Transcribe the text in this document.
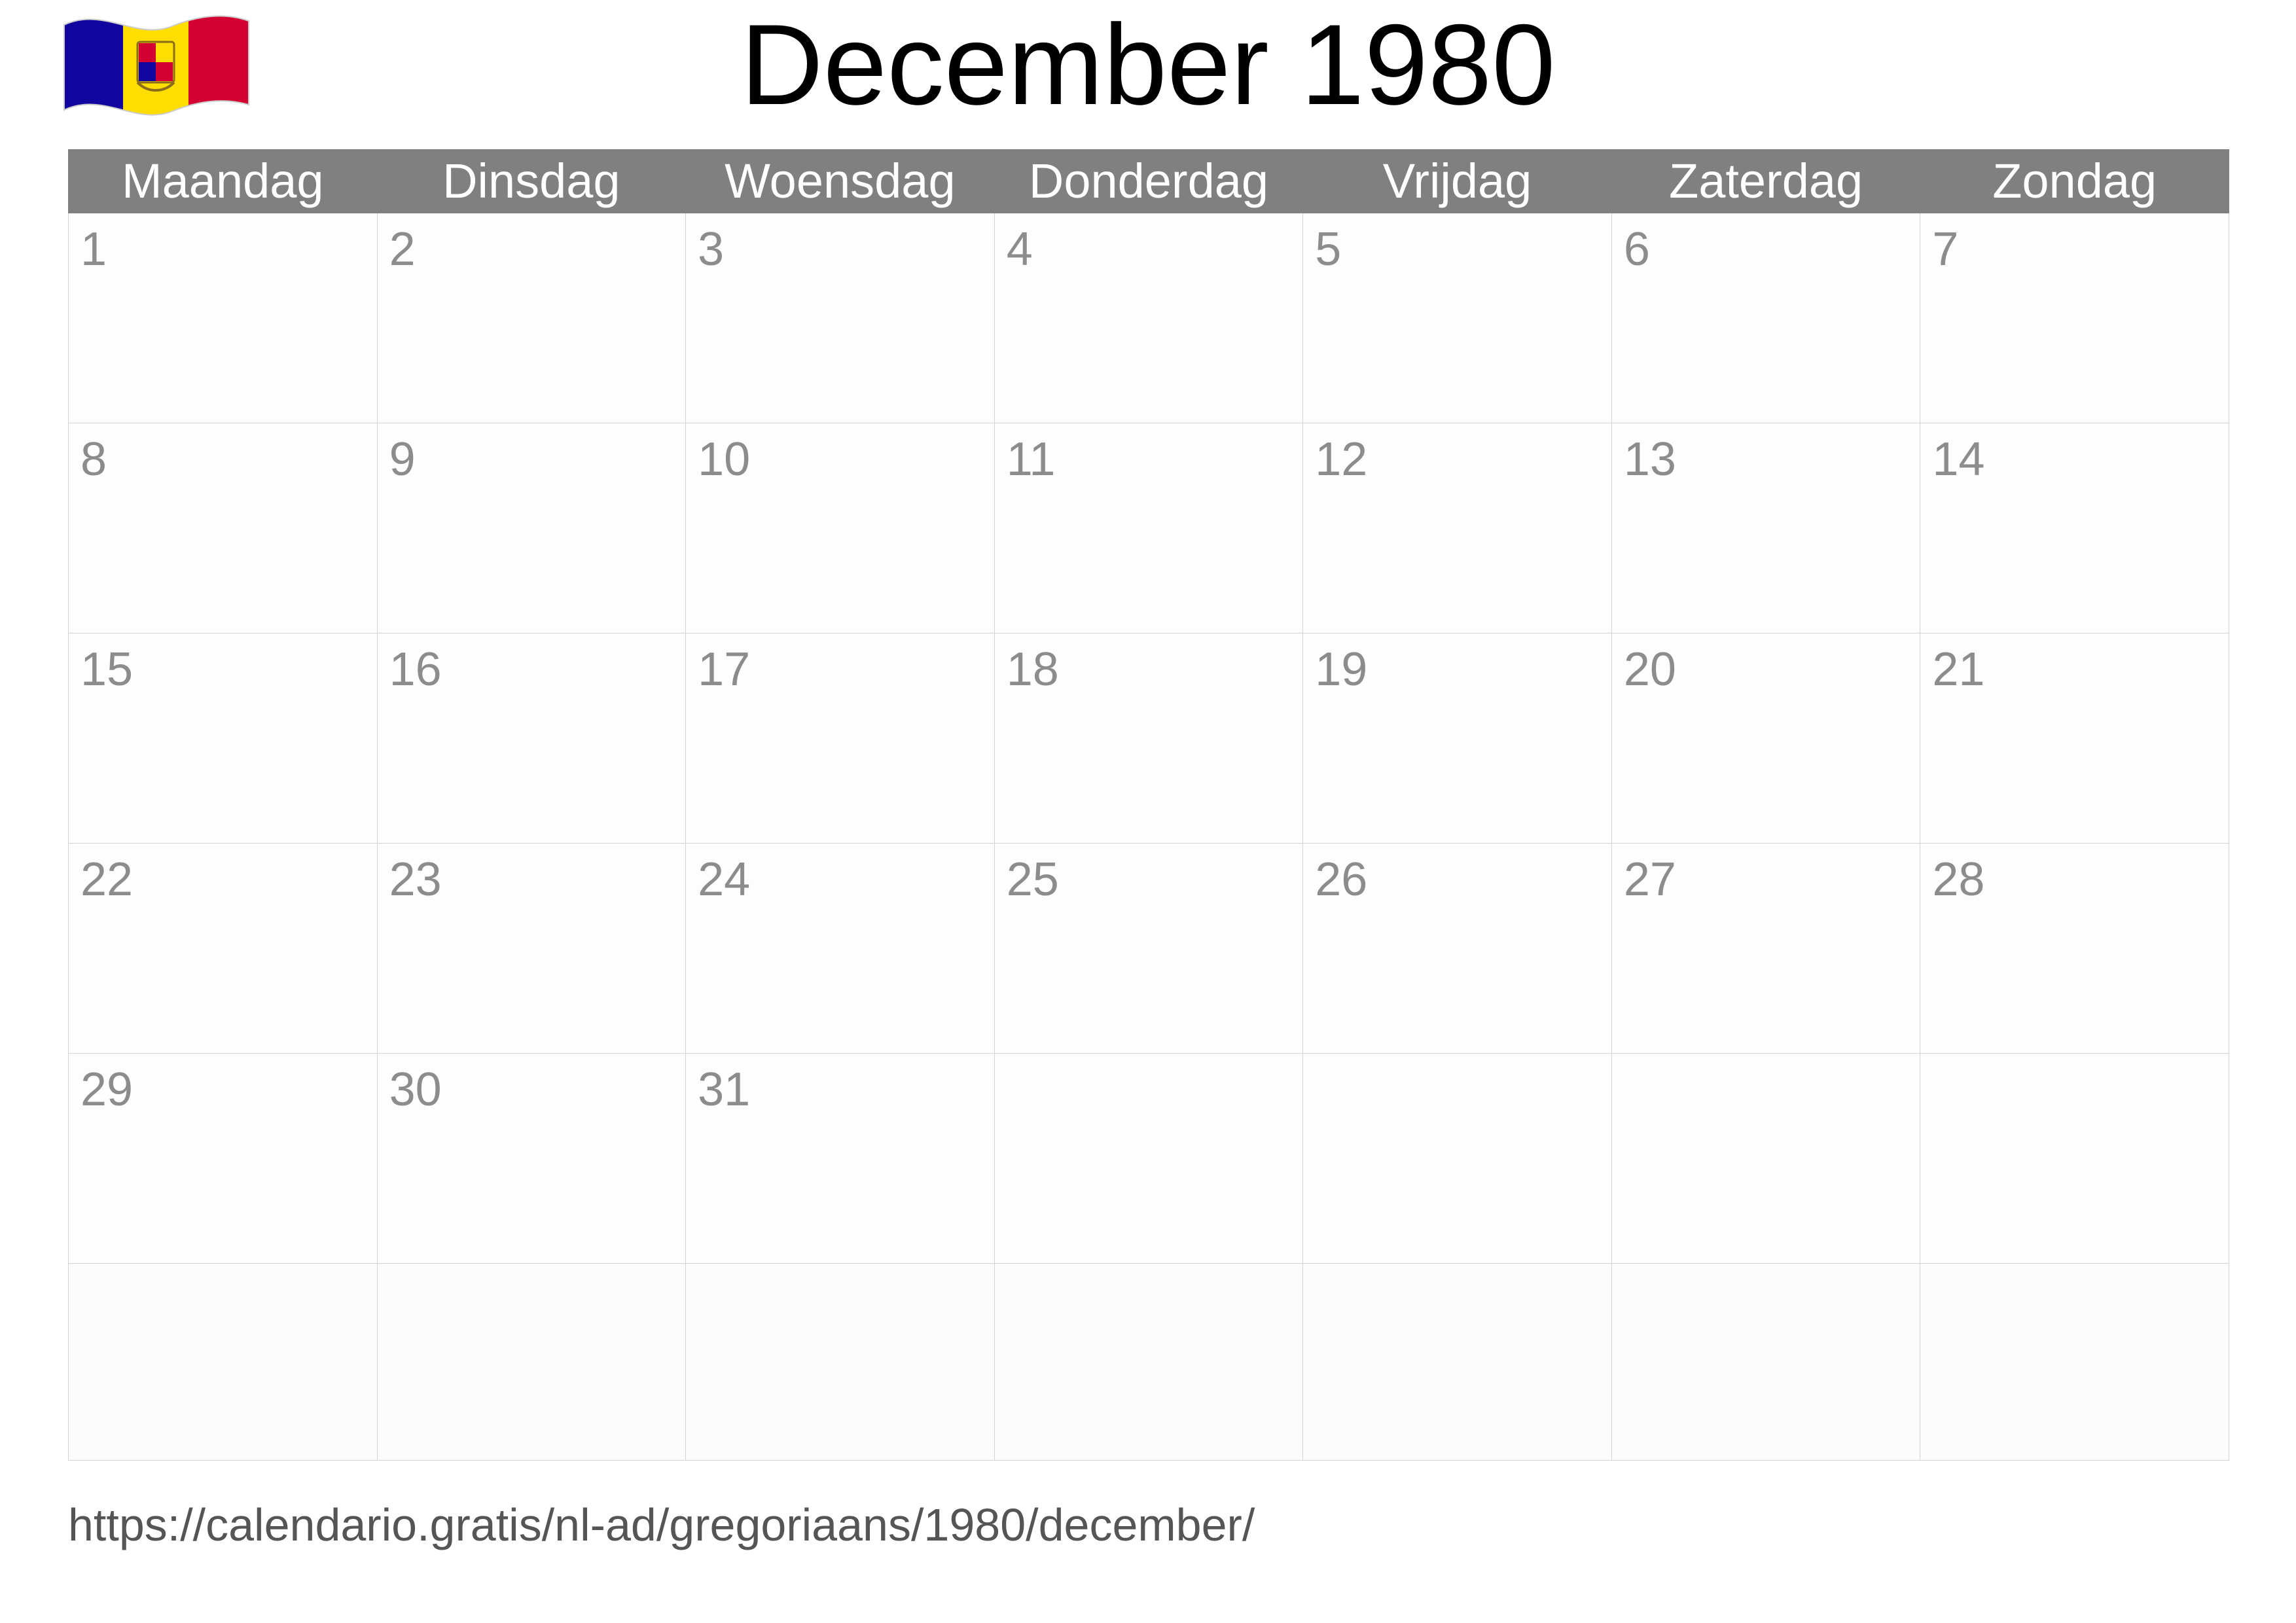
December 1980
Maandag	Dinsdag	Woensdag	Donderdag	Vrijdag	Zaterdag	Zondag

1	2	3	4	5	6	7

8	9	10	11	12	13	14

15	16	17	18	19	20	21

22	23	24	25	26	27	28

29	30	31				

https://calendario.gratis/nl-ad/gregoriaans/1980/december/
